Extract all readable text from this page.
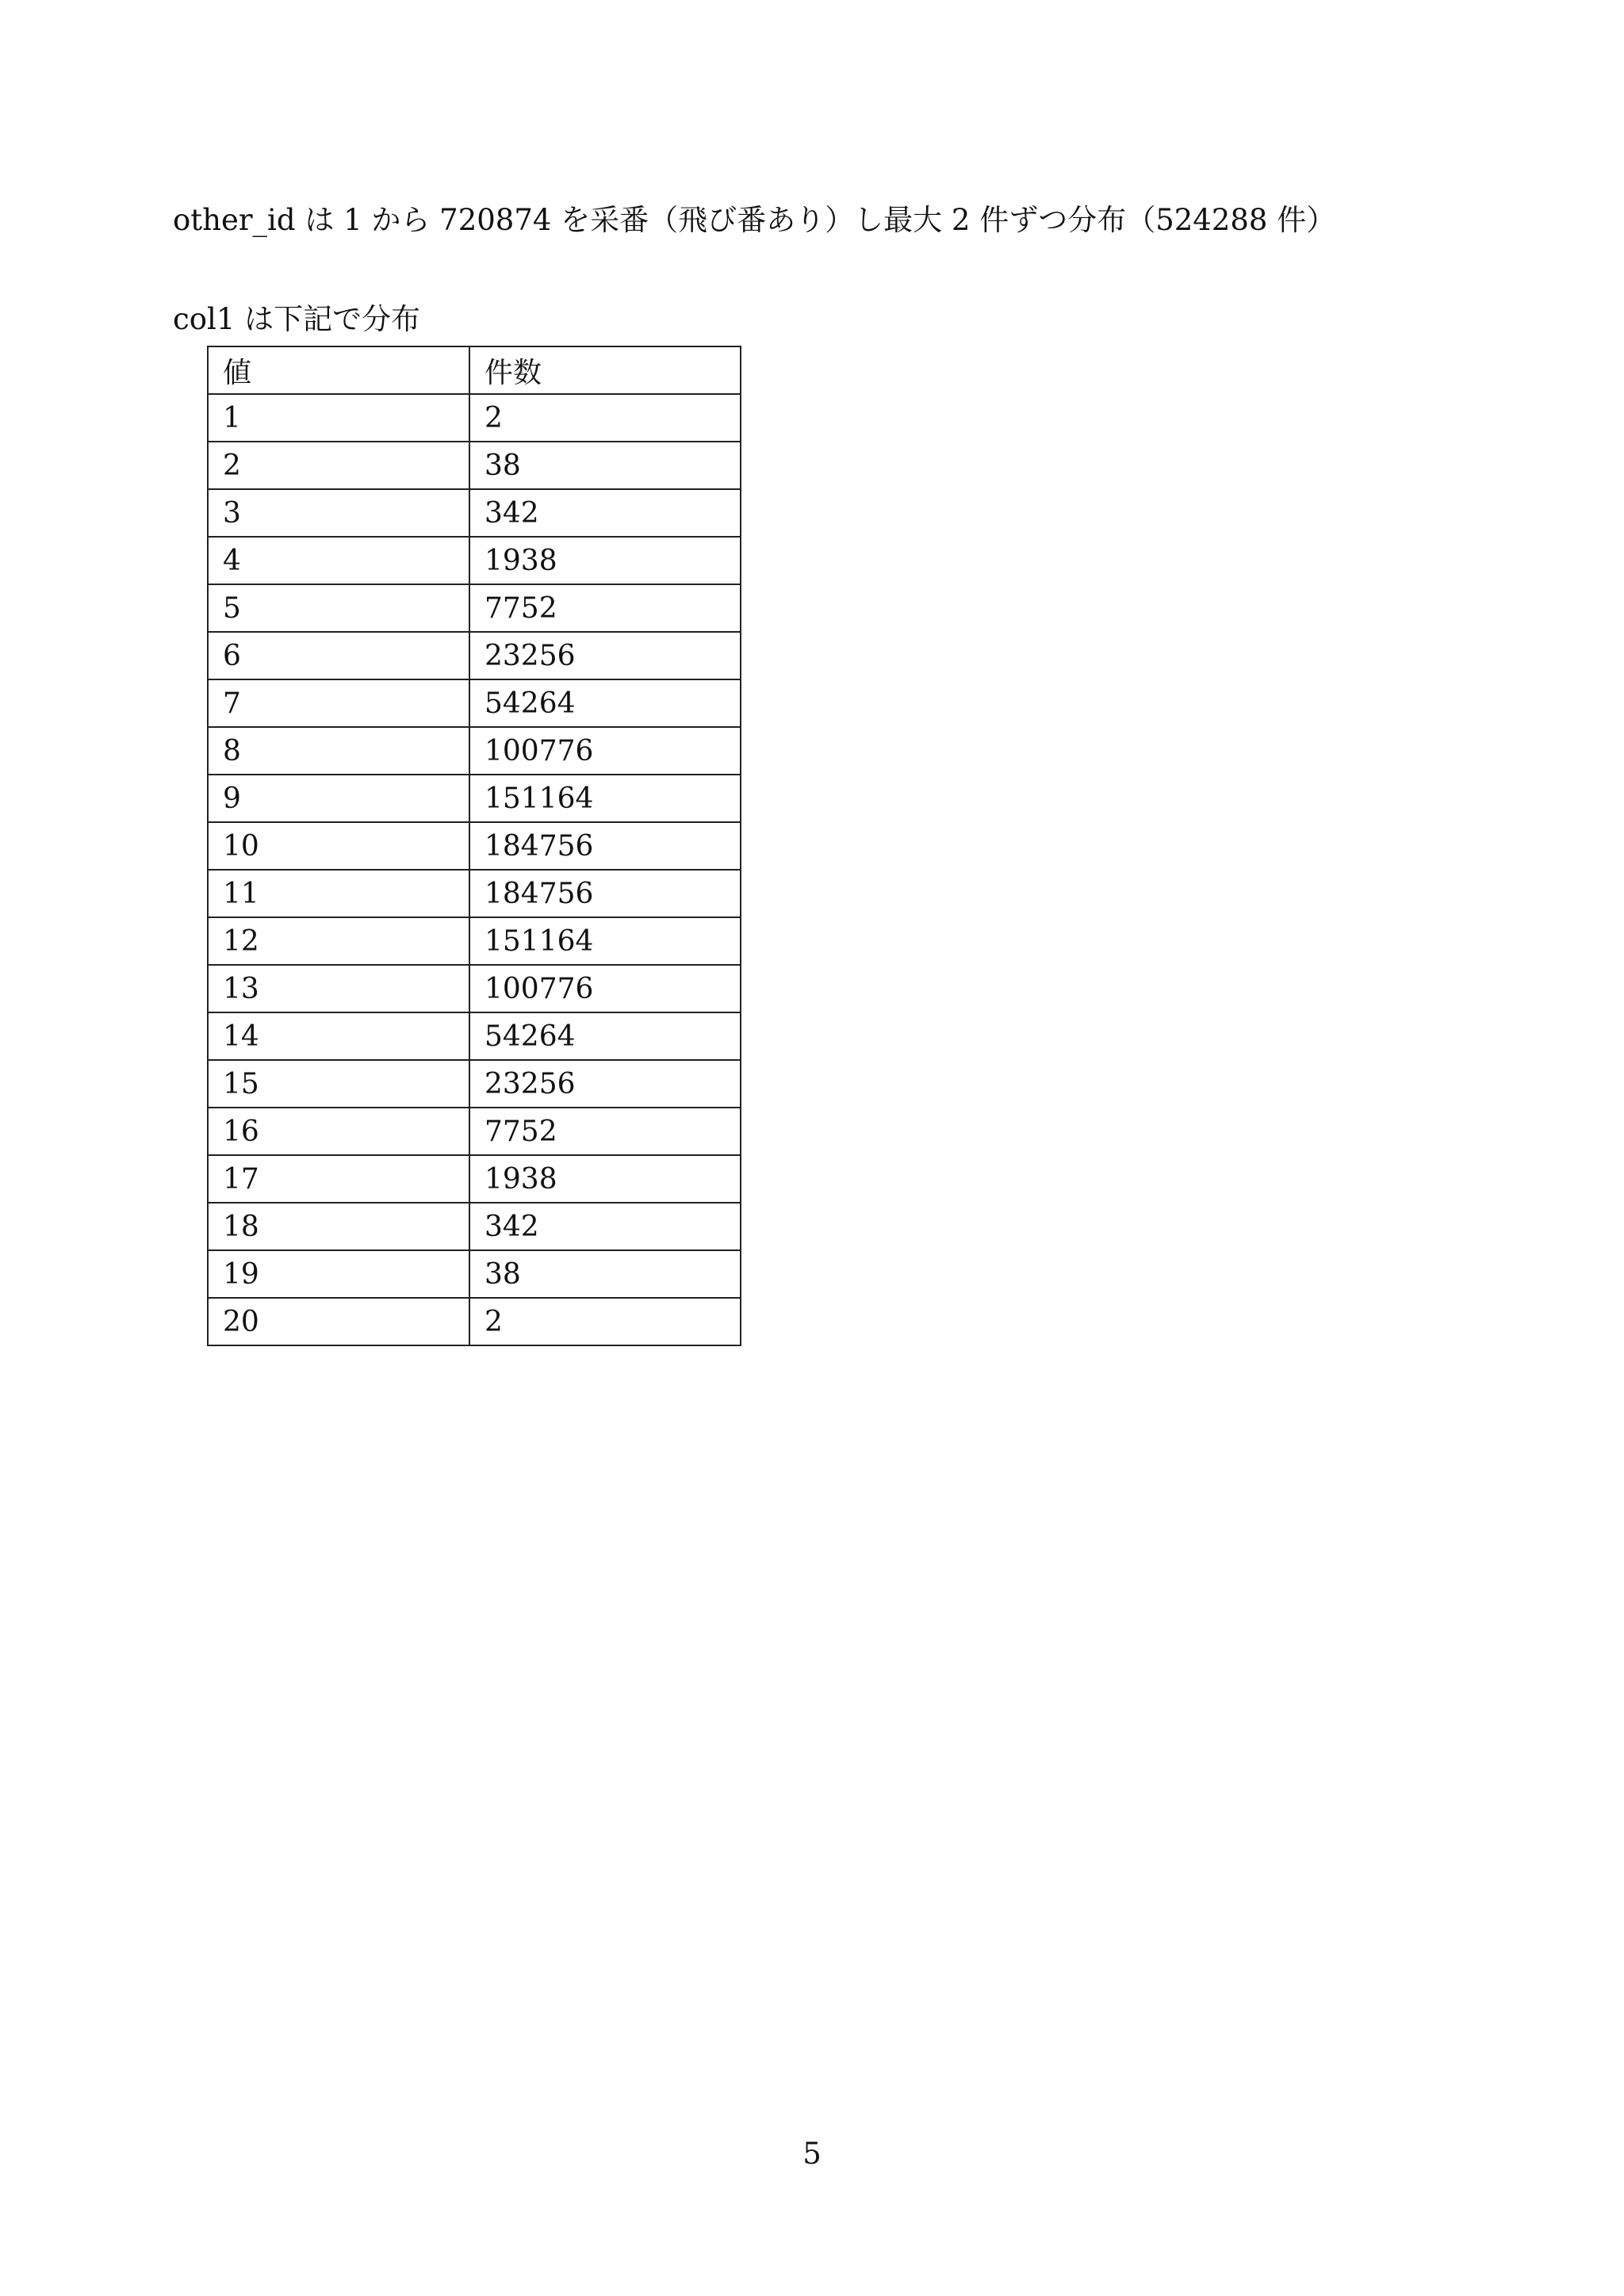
other_id は 1 から 720874 を采番（飛び番あり）し最大 2 件ずつ分布（524288 件）
col1 は下記で分布
値	件数
1	2
2	38
3	342
4	1938
5	7752
6	23256
7	54264
8	100776
9	151164
10	184756
11	184756
12	151164
13	100776
14	54264
15	23256
16	7752
17	1938
18	342
19	38
20	2
5
